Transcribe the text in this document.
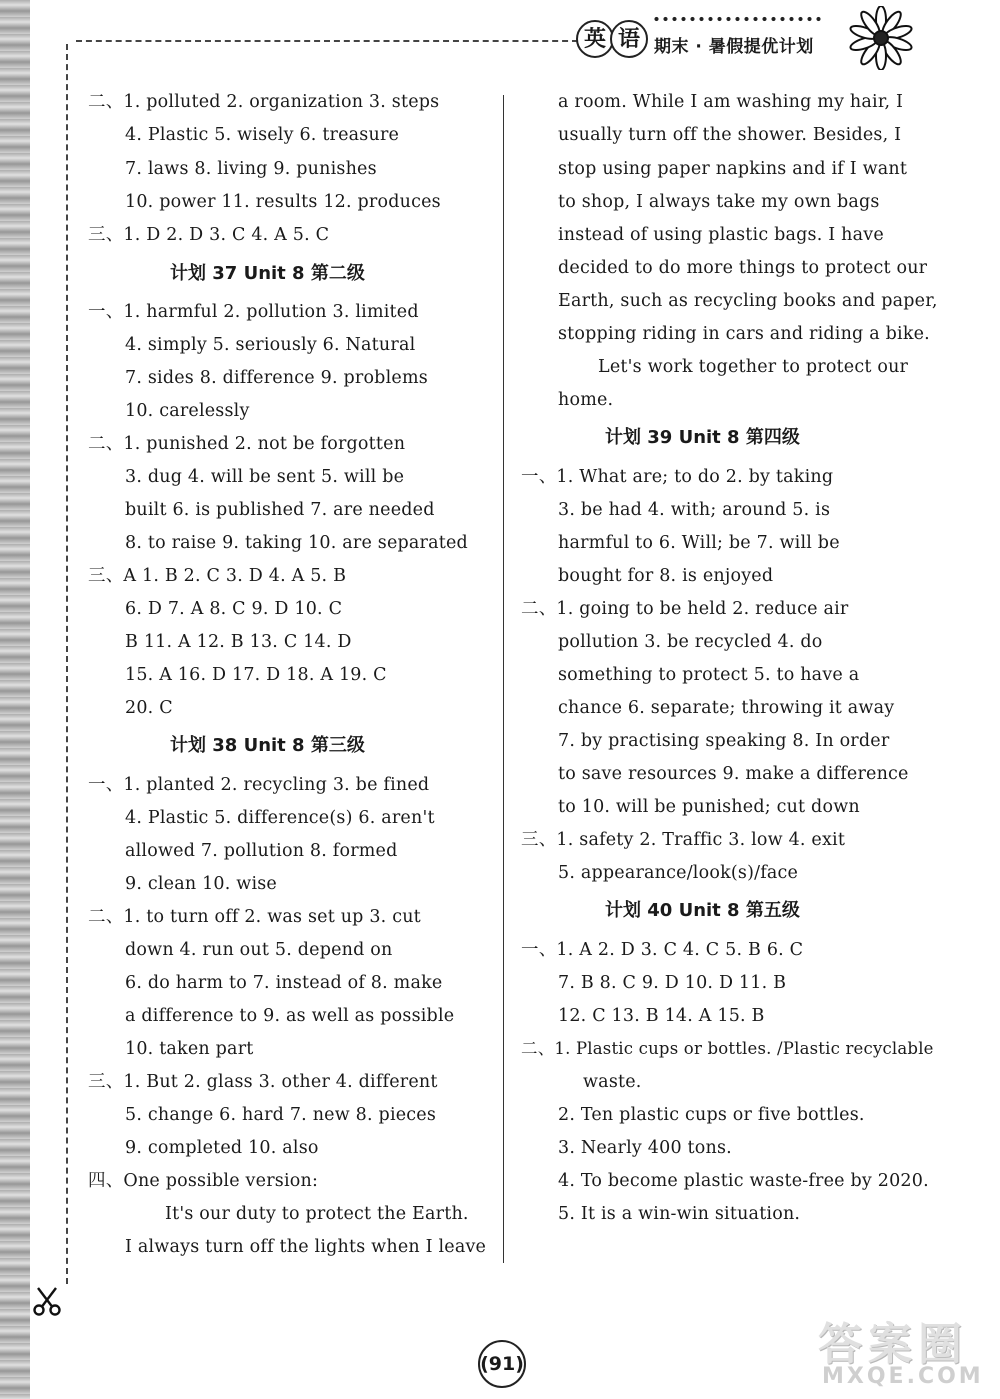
英 语 期末 · 暑假提优计划
二、1. polluted 2. organization 3. steps
4. Plastic 5. wisely 6. treasure
7. laws 8. living 9. punishes
10. power 11. results 12. produces
三、1. D 2. D 3. C 4. A 5. C
计划 37 Unit 8 第二级
一、1. harmful 2. pollution 3. limited
4. simply 5. seriously 6. Natural
7. sides 8. difference 9. problems
10. carelessly
二、1. punished 2. not be forgotten
3. dug 4. will be sent 5. will be
built 6. is published 7. are needed
8. to raise 9. taking 10. are separated
三、A 1. B 2. C 3. D 4. A 5. B
6. D 7. A 8. C 9. D 10. C
B 11. A 12. B 13. C 14. D
15. A 16. D 17. D 18. A 19. C
20. C
计划 38 Unit 8 第三级
一、1. planted 2. recycling 3. be fined
4. Plastic 5. difference(s) 6. aren't
allowed 7. pollution 8. formed
9. clean 10. wise
二、1. to turn off 2. was set up 3. cut
down 4. run out 5. depend on
6. do harm to 7. instead of 8. make
a difference to 9. as well as possible
10. taken part
三、1. But 2. glass 3. other 4. different
5. change 6. hard 7. new 8. pieces
9. completed 10. also
四、One possible version:
It's our duty to protect the Earth.
I always turn off the lights when I leave
a room. While I am washing my hair, I
usually turn off the shower. Besides, I
stop using paper napkins and if I want
to shop, I always take my own bags
instead of using plastic bags. I have
decided to do more things to protect our
Earth, such as recycling books and paper,
stopping riding in cars and riding a bike.
Let's work together to protect our
home.
计划 39 Unit 8 第四级
一、1. What are; to do 2. by taking
3. be had 4. with; around 5. is
harmful to 6. Will; be 7. will be
bought for 8. is enjoyed
二、1. going to be held 2. reduce air
pollution 3. be recycled 4. do
something to protect 5. to have a
chance 6. separate; throwing it away
7. by practising speaking 8. In order
to save resources 9. make a difference
to 10. will be punished; cut down
三、1. safety 2. Traffic 3. low 4. exit
5. appearance/look(s)/face
计划 40 Unit 8 第五级
一、1. A 2. D 3. C 4. C 5. B 6. C
7. B 8. C 9. D 10. D 11. B
12. C 13. B 14. A 15. B
二、1. Plastic cups or bottles. /Plastic recyclable
waste.
2. Ten plastic cups or five bottles.
3. Nearly 400 tons.
4. To become plastic waste-free by 2020.
5. It is a win-win situation.
(91)	答案圈
MXQE.COM
